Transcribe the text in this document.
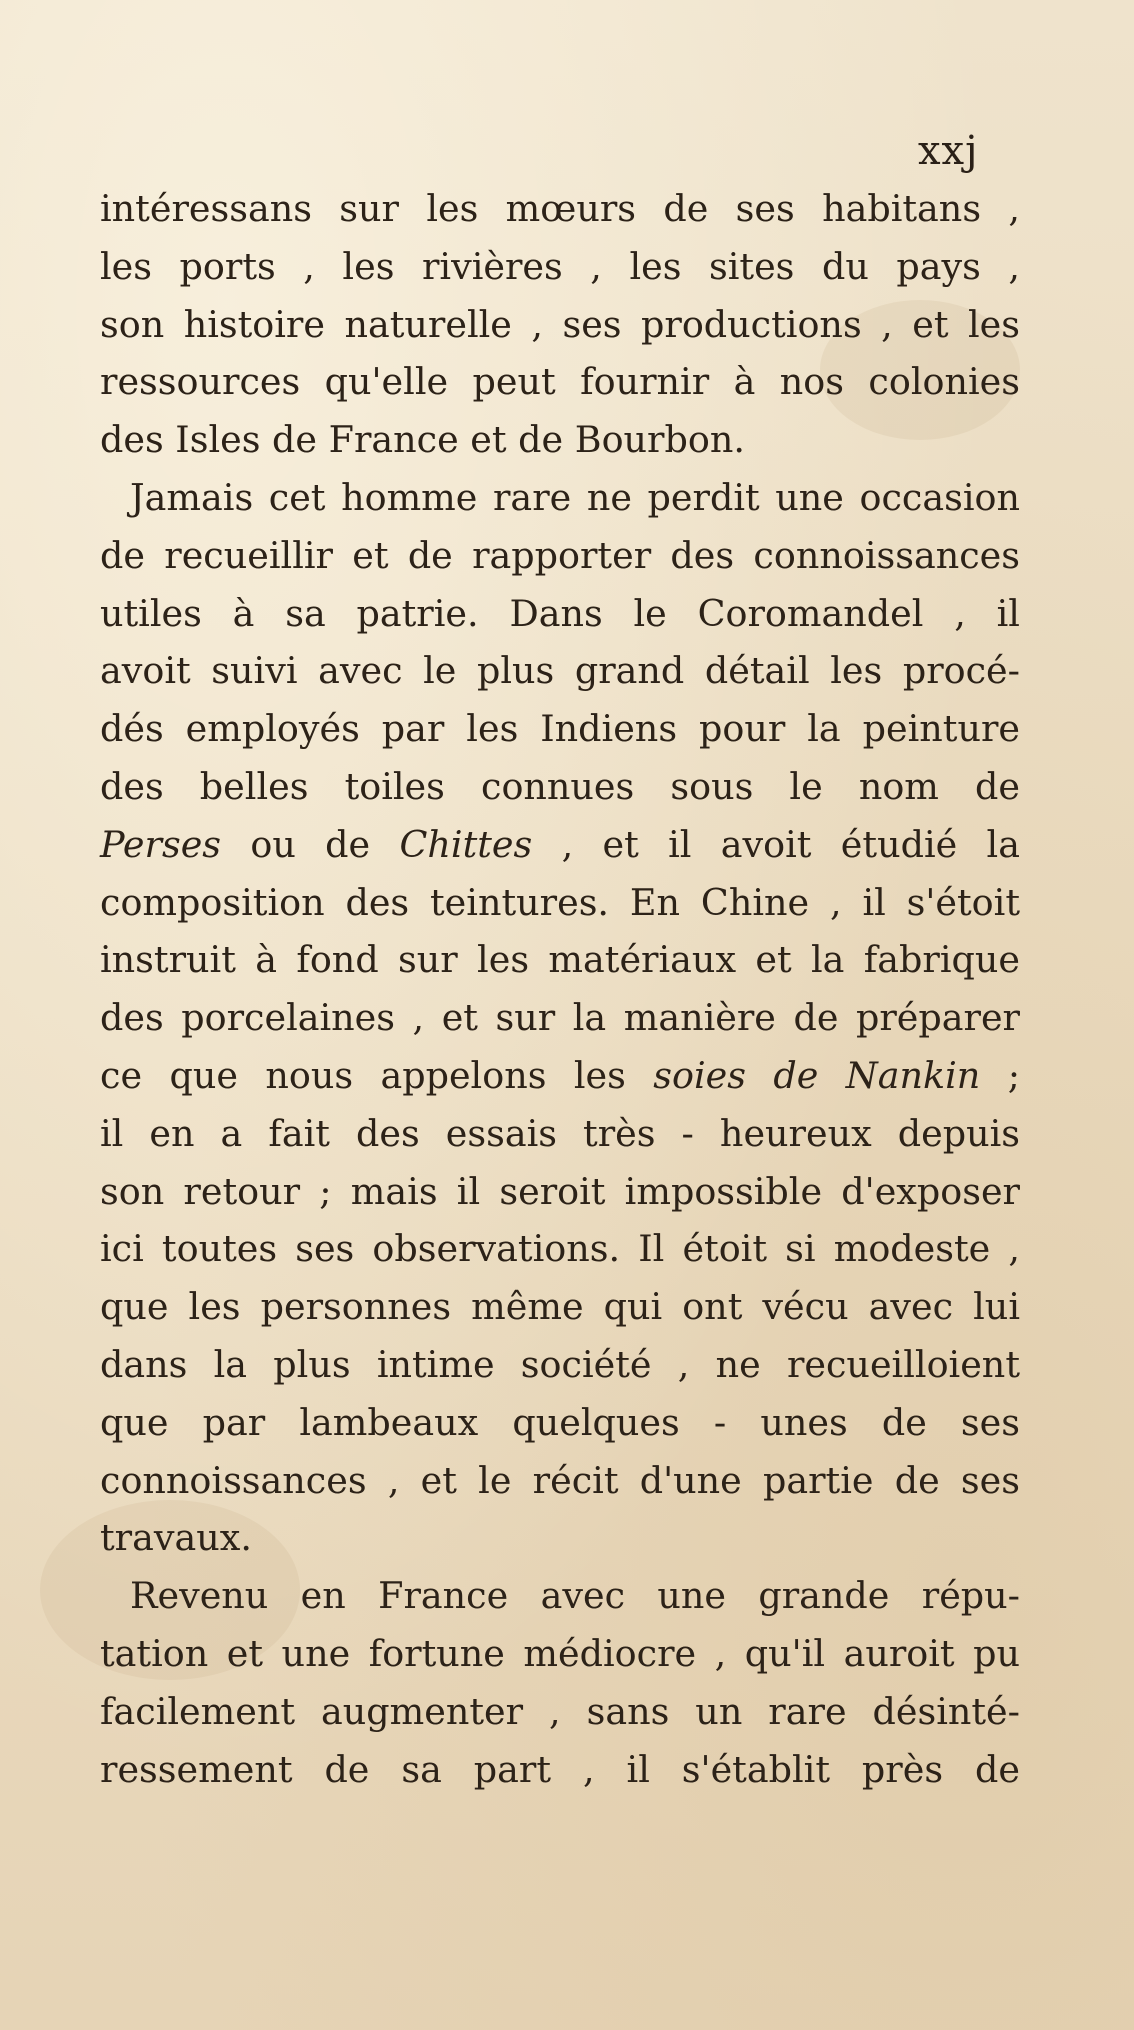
xxj
intéressans sur les mœurs de ses habitans ,
les ports , les rivières , les sites du pays ,
son histoire naturelle , ses productions , et les
ressources qu'elle peut fournir à nos colonies
des Isles de France et de Bourbon.
Jamais cet homme rare ne perdit une occasion
de recueillir et de rapporter des connoissances
utiles à sa patrie. Dans le Coromandel , il
avoit suivi avec le plus grand détail les procé-
dés employés par les Indiens pour la peinture
des belles toiles connues sous le nom de
Perses ou de Chittes , et il avoit étudié la
composition des teintures. En Chine , il s'étoit
instruit à fond sur les matériaux et la fabrique
des porcelaines , et sur la manière de préparer
ce que nous appelons les soies de Nankin ;
il en a fait des essais très - heureux depuis
son retour ; mais il seroit impossible d'exposer
ici toutes ses observations. Il étoit si modeste ,
que les personnes même qui ont vécu avec lui
dans la plus intime société , ne recueilloient
que par lambeaux quelques - unes de ses
connoissances , et le récit d'une partie de ses
travaux.
Revenu en France avec une grande répu-
tation et une fortune médiocre , qu'il auroit pu
facilement augmenter , sans un rare désinté-
ressement de sa part , il s'établit près de
